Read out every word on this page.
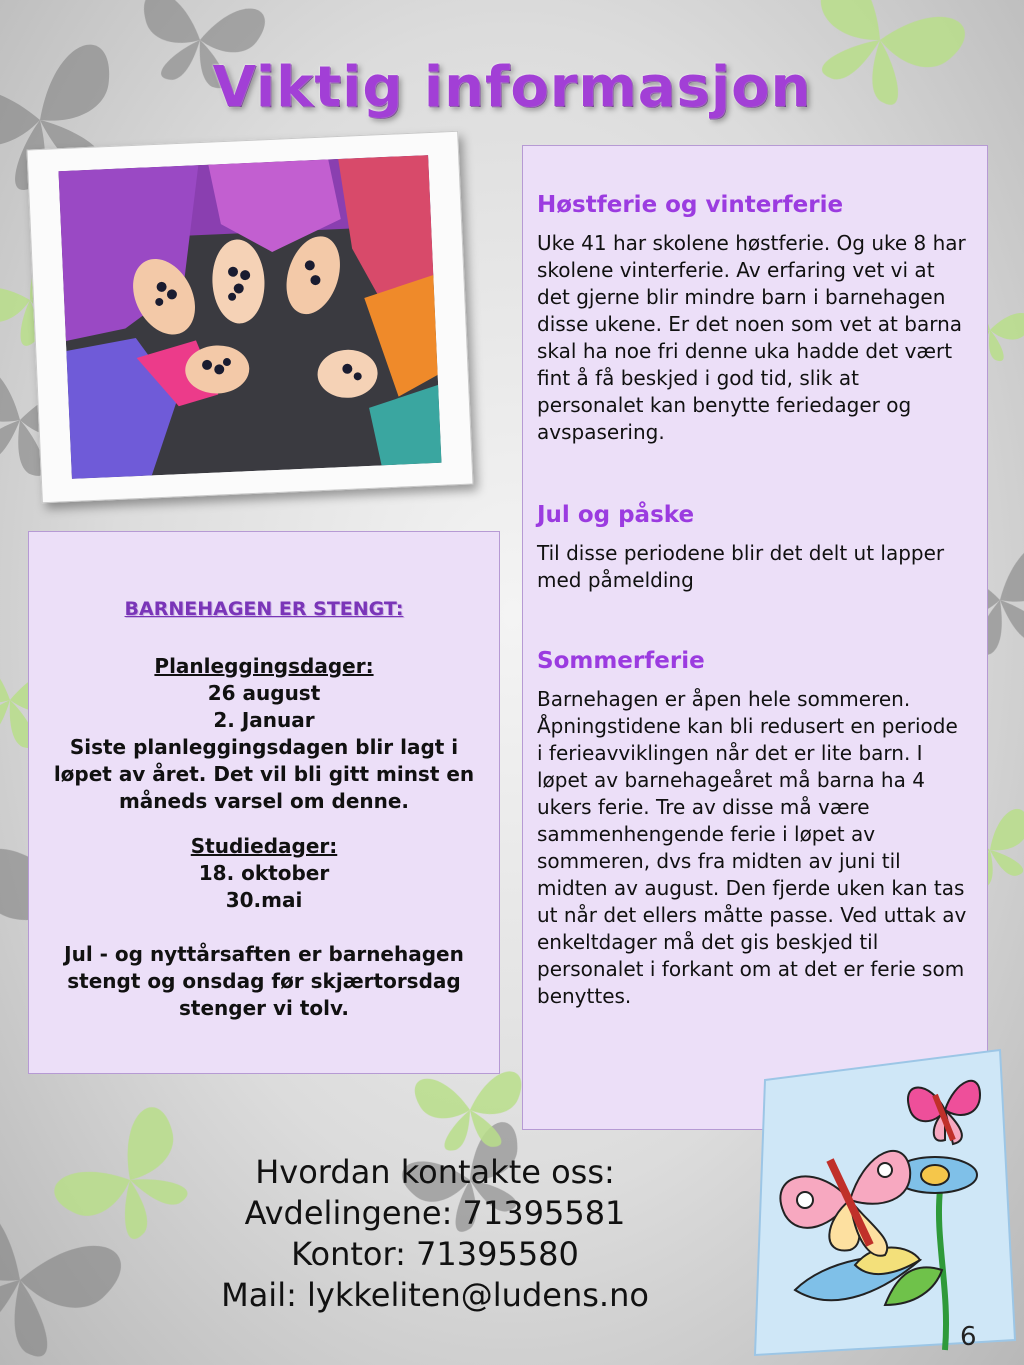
Viktig informasjon
Høstferie og vinterferie

Uke 41 har skolene høstferie. Og uke 8 har skolene vinterferie. Av erfaring vet vi at det gjerne blir mindre barn i barnehagen disse ukene. Er det noen som vet at barna skal ha noe fri denne uka hadde det vært fint å få beskjed i god tid, slik at personalet kan benytte feriedager og avspasering.

Jul og påske

Til disse periodene blir det delt ut lapper med påmelding

Sommerferie

Barnehagen er åpen hele sommeren. Åpningstidene kan bli redusert en periode i ferieavviklingen når det er lite barn. I løpet av barnehageåret må barna ha 4 ukers ferie. Tre av disse må være sammenhengende ferie i løpet av sommeren, dvs fra midten av juni til midten av august. Den fjerde uken kan tas ut når det ellers måtte passe. Ved uttak av enkeltdager må det gis beskjed til personalet i forkant om at det er ferie som benyttes.

BARNEHAGEN ER STENGT:
Planleggingsdager:
26 august
2. Januar
Siste planleggingsdagen blir lagt i løpet av året. Det vil bli gitt minst en måneds varsel om denne.
Studiedager:
18. oktober
30.mai
Jul - og nyttårsaften er barnehagen stengt og onsdag før skjærtorsdag stenger vi tolv.
Hvordan kontakte oss:
Avdelingene: 71395581
Kontor: 71395580
Mail: lykkeliten@ludens.no
6
